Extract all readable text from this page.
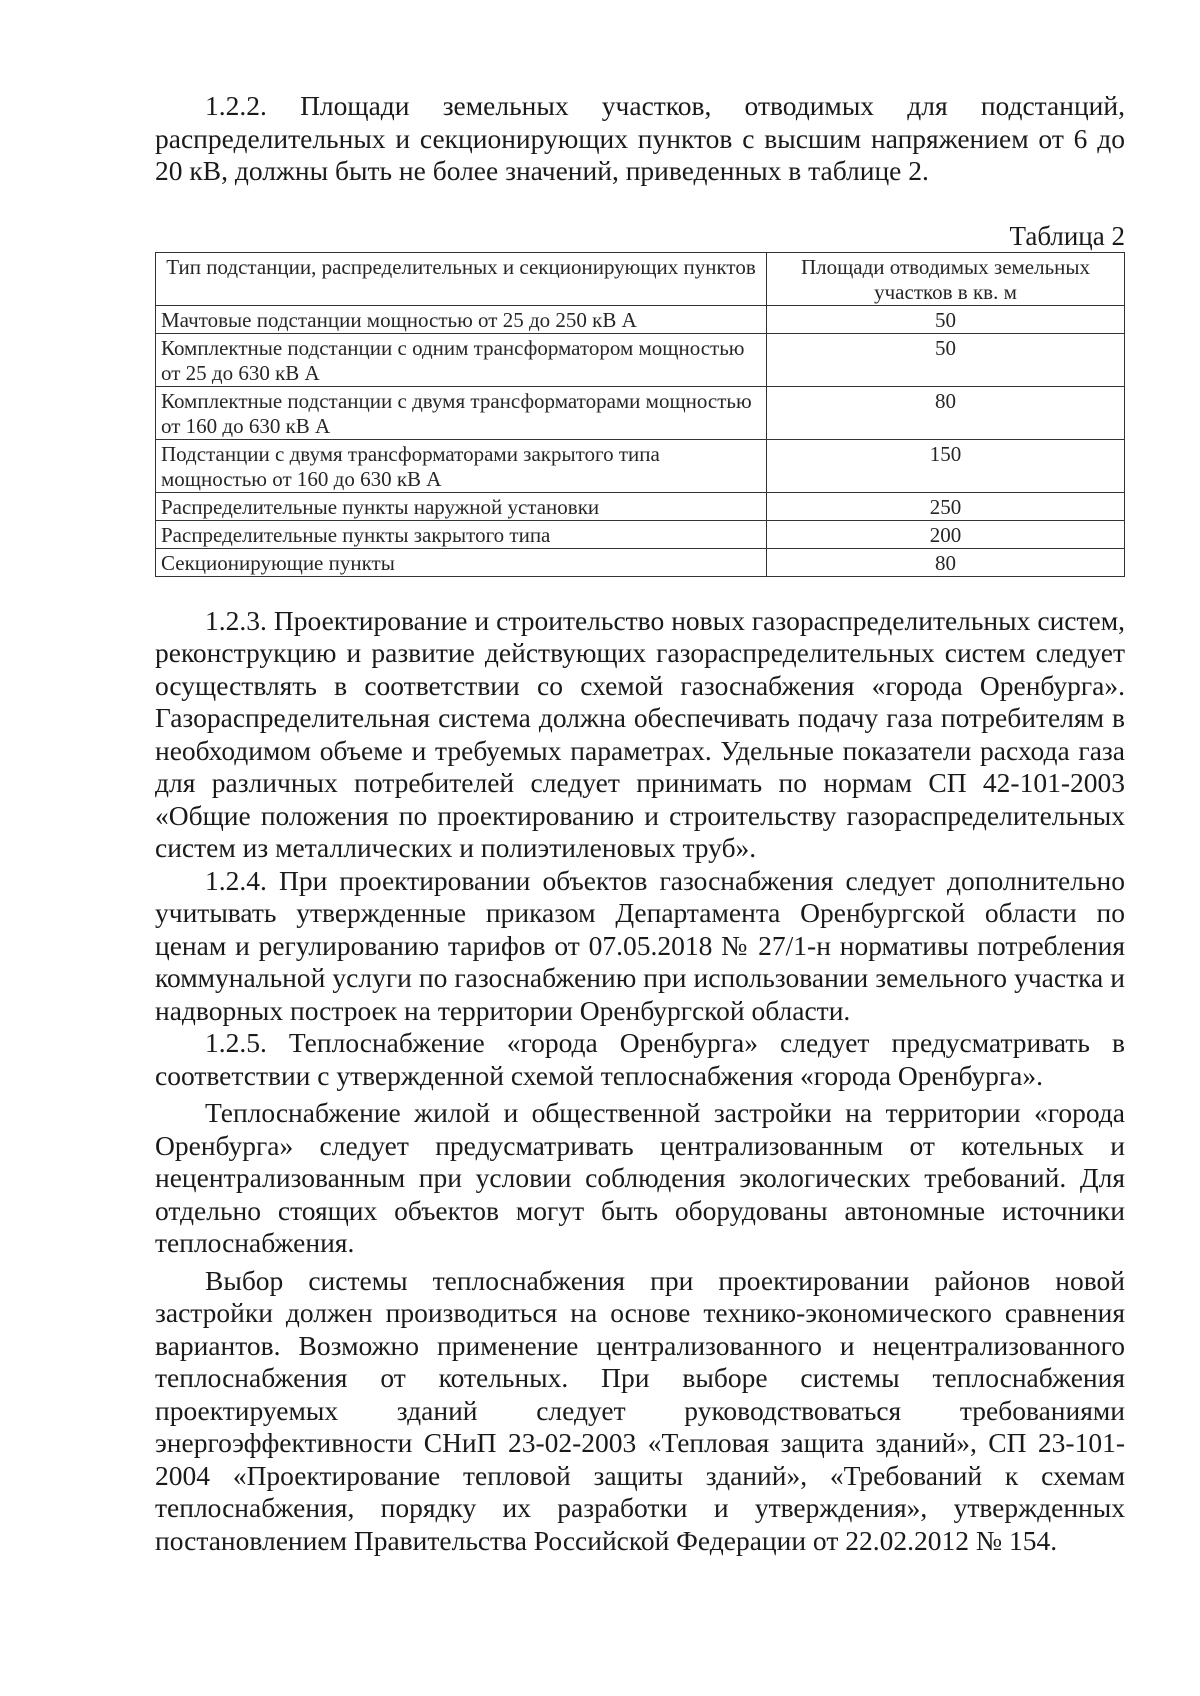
1.2.2. Площади земельных участков, отводимых для подстанций, распределительных и секционирующих пунктов с высшим напряжением от 6 до 20 кВ, должны быть не более значений, приведенных в таблице 2.

Таблица 2
Тип подстанции, распределительных и секционирующих пунктов	Площади отводимых земельных участков в кв. м
Мачтовые подстанции мощностью от 25 до 250 кВ А	50
Комплектные подстанции с одним трансформатором мощностью от 25 до 630 кВ А	50
Комплектные подстанции с двумя трансформаторами мощностью от 160 до 630 кВ А	80
Подстанции с двумя трансформаторами закрытого типа мощностью от 160 до 630 кВ А	150
Распределительные пункты наружной установки	250
Распределительные пункты закрытого типа	200
Секционирующие пункты	80

1.2.3. Проектирование и строительство новых газораспределительных систем, реконструкцию и развитие действующих газораспределительных систем следует осуществлять в соответствии со схемой газоснабжения «города Оренбурга». Газораспределительная система должна обеспечивать подачу газа потребителям в необходимом объеме и требуемых параметрах. Удельные показатели расхода газа для различных потребителей следует принимать по нормам СП 42-101-2003 «Общие положения по проектированию и строительству газораспределительных систем из металлических и полиэтиленовых труб».

1.2.4. При проектировании объектов газоснабжения следует дополнительно учитывать утвержденные приказом Департамента Оренбургской области по ценам и регулированию тарифов от 07.05.2018 № 27/1-н нормативы потребления коммунальной услуги по газоснабжению при использовании земельного участка и надворных построек на территории Оренбургской области.

1.2.5. Теплоснабжение «города Оренбурга» следует предусматривать в соответствии с утвержденной схемой теплоснабжения «города Оренбурга».

Теплоснабжение жилой и общественной застройки на территории «города Оренбурга» следует предусматривать централизованным от котельных и нецентрализованным при условии соблюдения экологических требований. Для отдельно стоящих объектов могут быть оборудованы автономные источники теплоснабжения.

Выбор системы теплоснабжения при проектировании районов новой застройки должен производиться на основе технико-экономического сравнения вариантов. Возможно применение централизованного и нецентрализованного теплоснабжения от котельных. При выборе системы теплоснабжения проектируемых зданий следует руководствоваться требованиями энергоэффективности СНиП 23-02-2003 «Тепловая защита зданий», СП 23-101-2004 «Проектирование тепловой защиты зданий», «Требований к схемам теплоснабжения, порядку их разработки и утверждения», утвержденных постановлением Правительства Российской Федерации от 22.02.2012 № 154.
